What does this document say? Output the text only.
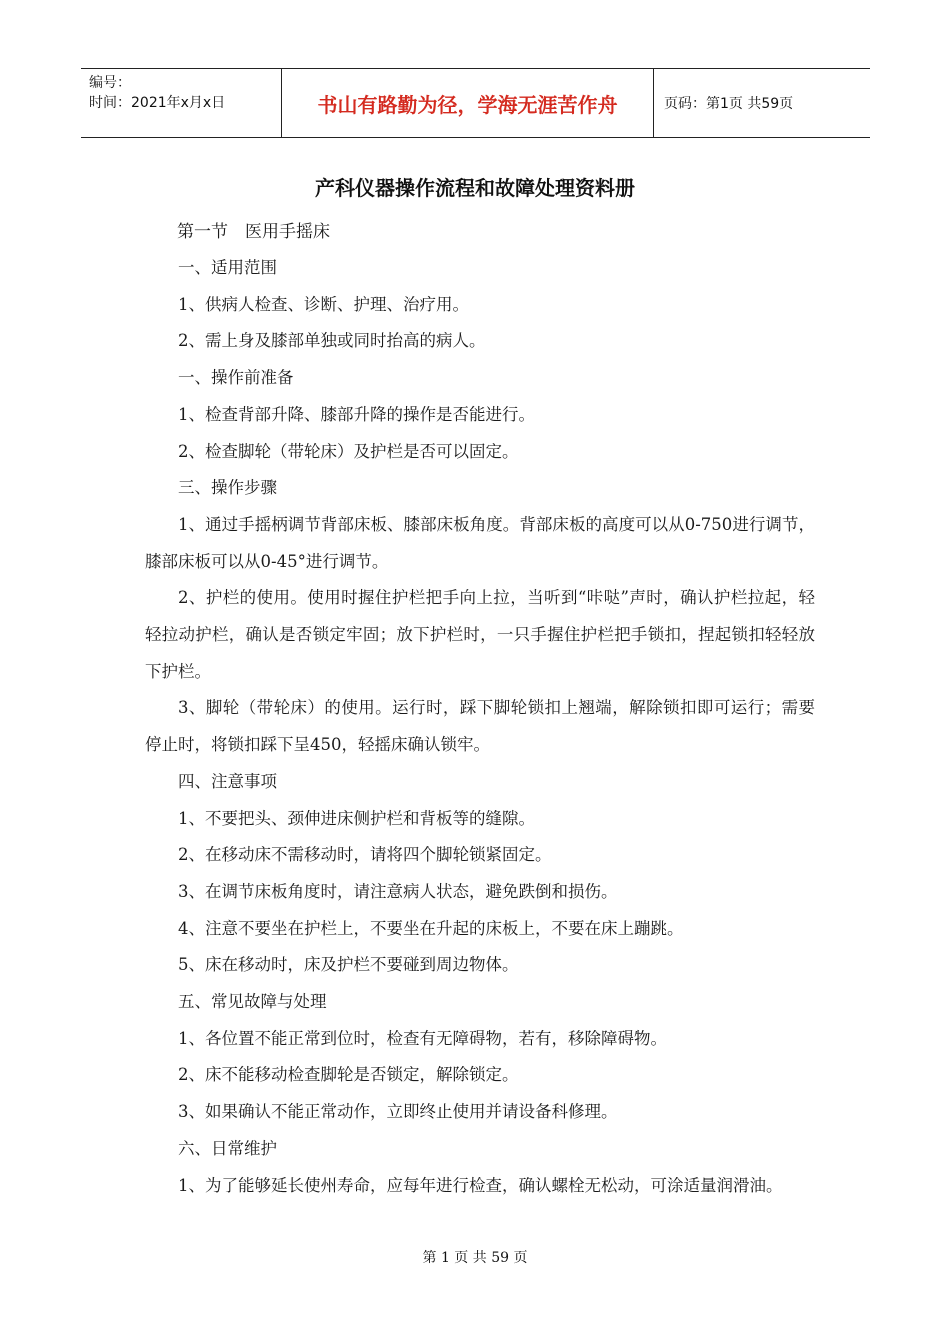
编号：
时间：2021年x月x日	书山有路勤为径，学海无涯苦作舟	页码：第1页 共59页
产科仪器操作流程和故障处理资料册

第一节　医用手摇床

一、适用范围

1、供病人检查、诊断、护理、治疗用。

2、需上身及膝部单独或同时抬高的病人。

一、操作前准备

1、检查背部升降、膝部升降的操作是否能进行。

2、检查脚轮（带轮床）及护栏是否可以固定。

三、操作步骤

1、通过手摇柄调节背部床板、膝部床板角度。背部床板的高度可以从0-750进行调节，膝部床板可以从0-45°进行调节。

2、护栏的使用。使用时握住护栏把手向上拉，当听到“咔哒”声时，确认护栏拉起，轻轻拉动护栏，确认是否锁定牢固；放下护栏时，一只手握住护栏把手锁扣，捏起锁扣轻轻放下护栏。

3、脚轮（带轮床）的使用。运行时，踩下脚轮锁扣上翘端，解除锁扣即可运行；需要停止时，将锁扣踩下呈450，轻摇床确认锁牢。

四、注意事项

1、不要把头、颈伸进床侧护栏和背板等的缝隙。

2、在移动床不需移动时，请将四个脚轮锁紧固定。

3、在调节床板角度时，请注意病人状态，避免跌倒和损伤。

4、注意不要坐在护栏上，不要坐在升起的床板上，不要在床上蹦跳。

5、床在移动时，床及护栏不要碰到周边物体。

五、常见故障与处理

1、各位置不能正常到位时，检查有无障碍物，若有，移除障碍物。

2、床不能移动检查脚轮是否锁定，解除锁定。

3、如果确认不能正常动作，立即终止使用并请设备科修理。

六、日常维护

1、为了能够延长使州寿命，应每年进行检查，确认螺栓无松动，可涂适量润滑油。

第 1 页 共 59 页
